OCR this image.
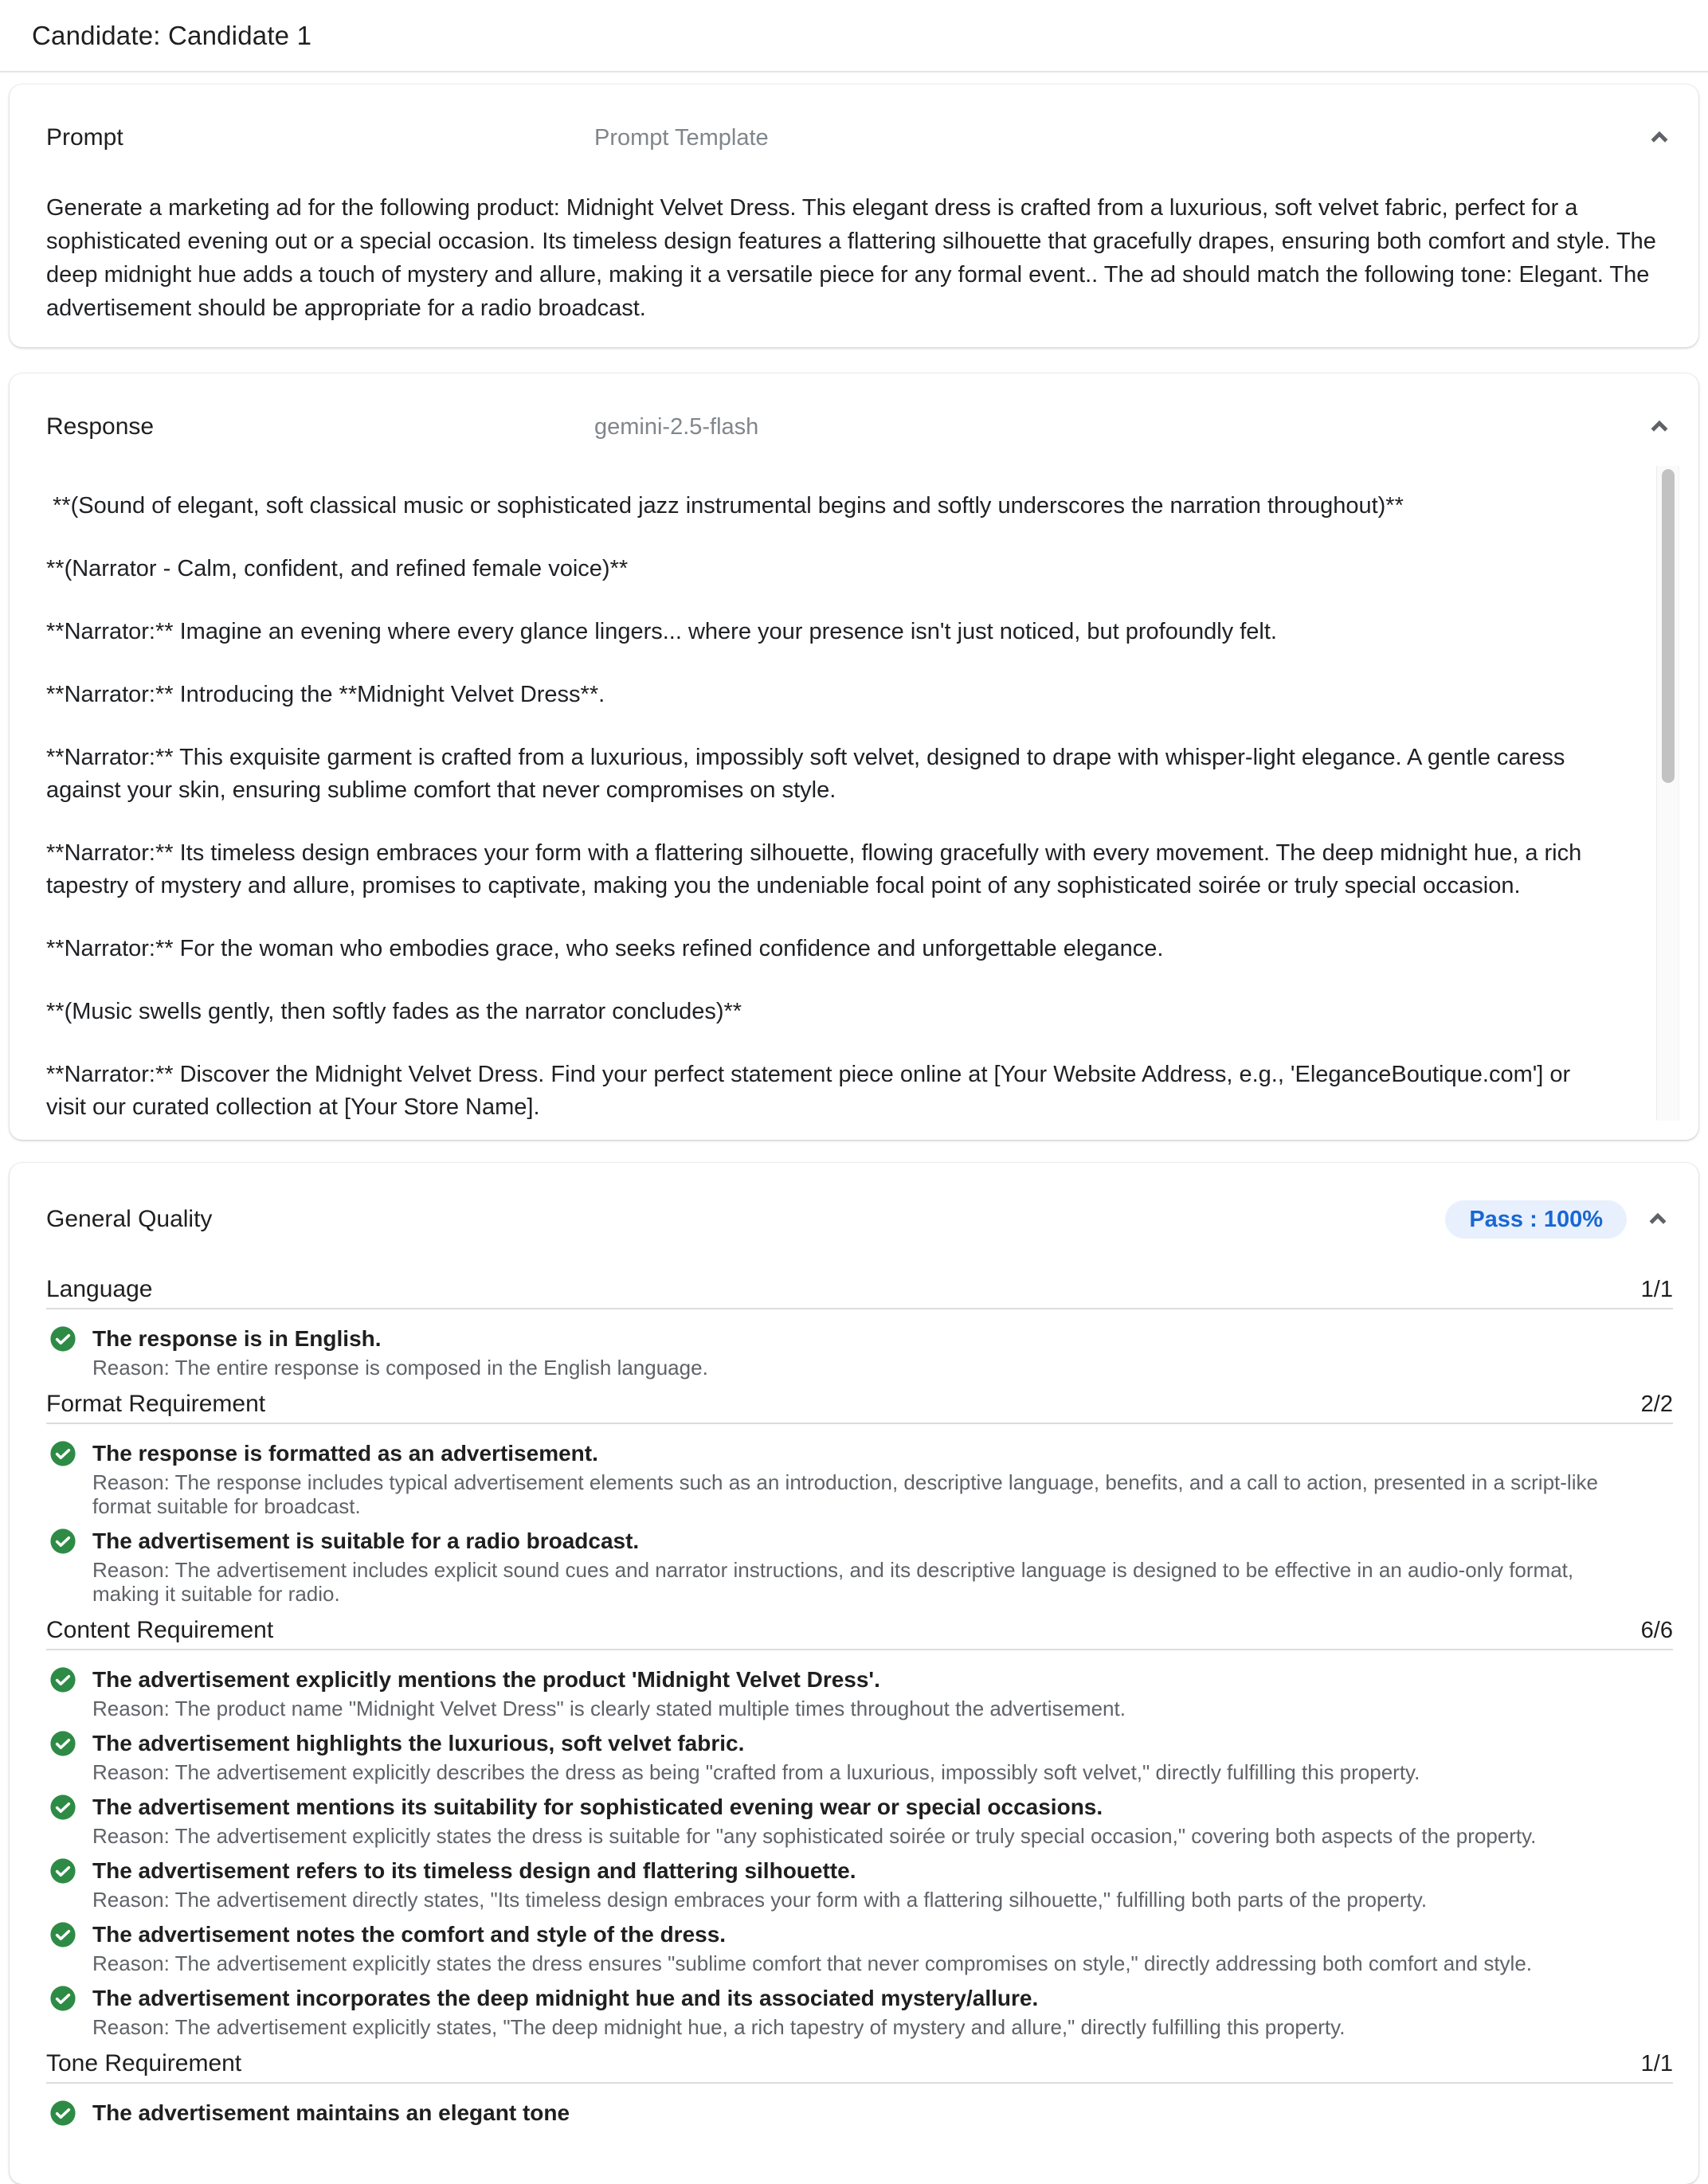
Candidate: Candidate 1
Prompt	Prompt Template
Generate a marketing ad for the following product: Midnight Velvet Dress. This elegant dress is crafted from a luxurious, soft velvet fabric, perfect for a sophisticated evening out or a special occasion. Its timeless design features a flattering silhouette that gracefully drapes, ensuring both comfort and style. The deep midnight hue adds a touch of mystery and allure, making it a versatile piece for any formal event.. The ad should match the following tone: Elegant. The advertisement should be appropriate for a radio broadcast.
Response	gemini-2.5-flash

**(Sound of elegant, soft classical music or sophisticated jazz instrumental begins and softly underscores the narration throughout)**

**(Narrator - Calm, confident, and refined female voice)**

**Narrator:** Imagine an evening where every glance lingers... where your presence isn't just noticed, but profoundly felt.

**Narrator:** Introducing the **Midnight Velvet Dress**.

**Narrator:** This exquisite garment is crafted from a luxurious, impossibly soft velvet, designed to drape with whisper-light elegance. A gentle caress against your skin, ensuring sublime comfort that never compromises on style.

**Narrator:** Its timeless design embraces your form with a flattering silhouette, flowing gracefully with every movement. The deep midnight hue, a rich tapestry of mystery and allure, promises to captivate, making you the undeniable focal point of any sophisticated soirée or truly special occasion.

**Narrator:** For the woman who embodies grace, who seeks refined confidence and unforgettable elegance.

**(Music swells gently, then softly fades as the narrator concludes)**

**Narrator:** Discover the Midnight Velvet Dress. Find your perfect statement piece online at [Your Website Address, e.g., 'EleganceBoutique.com'] or visit our curated collection at [Your Store Name].

General Quality	Pass : 100%
Language	1/1
The response is in English.
Reason: The entire response is composed in the English language.
Format Requirement	2/2
The response is formatted as an advertisement.
Reason: The response includes typical advertisement elements such as an introduction, descriptive language, benefits, and a call to action, presented in a script-like format suitable for broadcast.
The advertisement is suitable for a radio broadcast.
Reason: The advertisement includes explicit sound cues and narrator instructions, and its descriptive language is designed to be effective in an audio-only format, making it suitable for radio.
Content Requirement	6/6
The advertisement explicitly mentions the product 'Midnight Velvet Dress'.
Reason: The product name "Midnight Velvet Dress" is clearly stated multiple times throughout the advertisement.
The advertisement highlights the luxurious, soft velvet fabric.
Reason: The advertisement explicitly describes the dress as being "crafted from a luxurious, impossibly soft velvet," directly fulfilling this property.
The advertisement mentions its suitability for sophisticated evening wear or special occasions.
Reason: The advertisement explicitly states the dress is suitable for "any sophisticated soirée or truly special occasion," covering both aspects of the property.
The advertisement refers to its timeless design and flattering silhouette.
Reason: The advertisement directly states, "Its timeless design embraces your form with a flattering silhouette," fulfilling both parts of the property.
The advertisement notes the comfort and style of the dress.
Reason: The advertisement explicitly states the dress ensures "sublime comfort that never compromises on style," directly addressing both comfort and style.
The advertisement incorporates the deep midnight hue and its associated mystery/allure.
Reason: The advertisement explicitly states, "The deep midnight hue, a rich tapestry of mystery and allure," directly fulfilling this property.
Tone Requirement	1/1
The advertisement maintains an elegant tone
